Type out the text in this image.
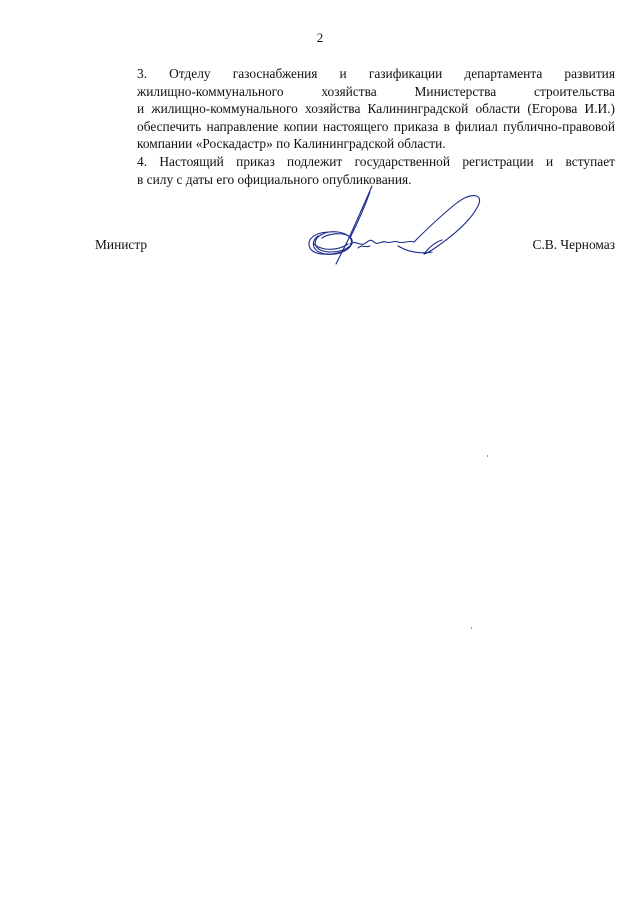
2

3. Отделу газоснабжения и газификации департамента развития
жилищно-коммунального хозяйства Министерства строительства
и жилищно-коммунального хозяйства Калининградской области (Егорова И.И.)
обеспечить направление копии настоящего приказа в филиал публично-правовой
компании «Роскадастр» по Калининградской области.

4. Настоящий приказ подлежит государственной регистрации и вступает
в силу с даты его официального опубликования.

Министр	С.В. Черномаз
